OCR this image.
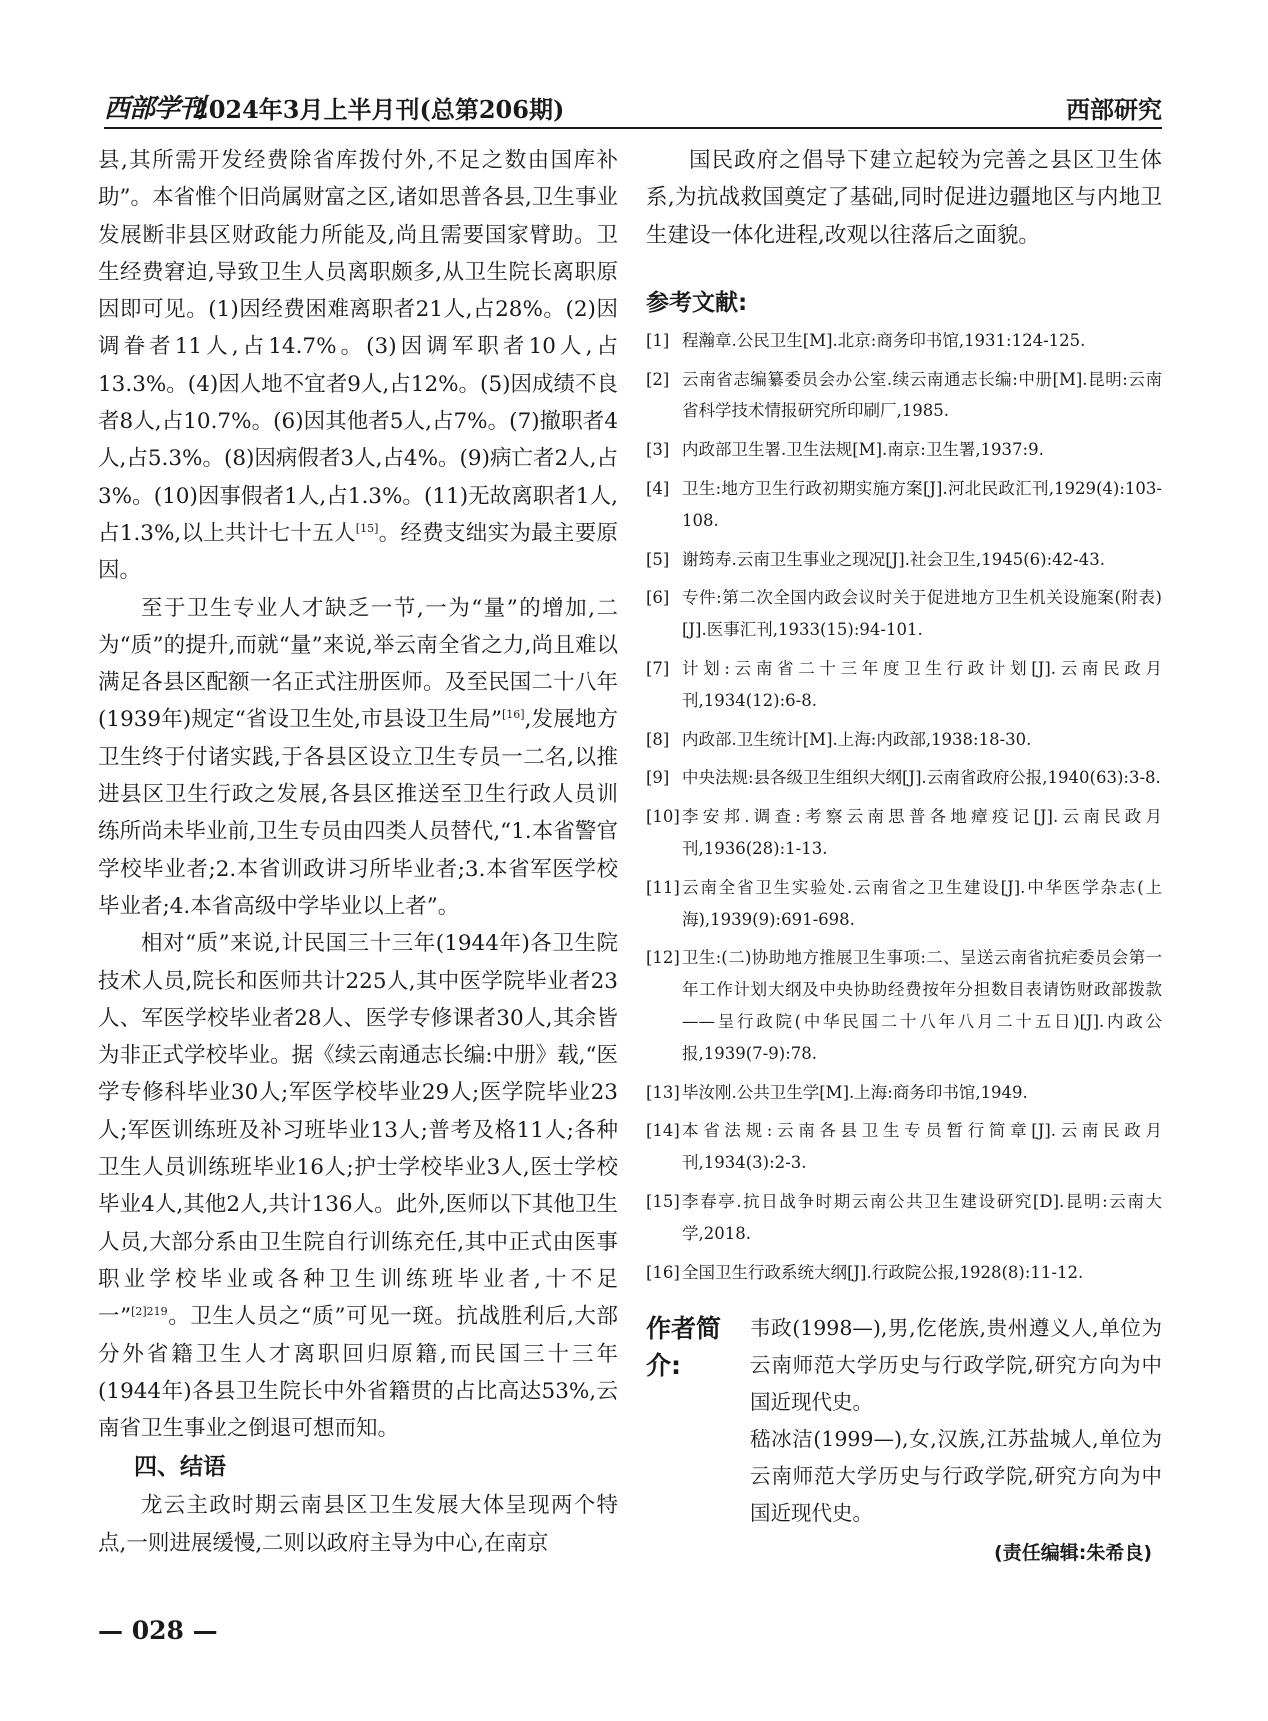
西部学刊
2024年3月上半月刊(总第206期)	西部研究

县,其所需开发经费除省库拨付外,不足之数由国库补助”。本省惟个旧尚属财富之区,诸如思普各县,卫生事业发展断非县区财政能力所能及,尚且需要国家臂助。卫生经费窘迫,导致卫生人员离职颇多,从卫生院长离职原因即可见。(1)因经费困难离职者21人,占28%。(2)因调眷者11人,占14.7%。(3)因调军职者10人,占13.3%。(4)因人地不宜者9人,占12%。(5)因成绩不良者8人,占10.7%。(6)因其他者5人,占7%。(7)撤职者4人,占5.3%。(8)因病假者3人,占4%。(9)病亡者2人,占3%。(10)因事假者1人,占1.3%。(11)无故离职者1人,占1.3%,以上共计七十五人[15]。经费支绌实为最主要原因。

至于卫生专业人才缺乏一节,一为“量”的增加,二为“质”的提升,而就“量”来说,举云南全省之力,尚且难以满足各县区配额一名正式注册医师。及至民国二十八年(1939年)规定“省设卫生处,市县设卫生局”[16],发展地方卫生终于付诸实践,于各县区设立卫生专员一二名,以推进县区卫生行政之发展,各县区推送至卫生行政人员训练所尚未毕业前,卫生专员由四类人员替代,“1.本省警官学校毕业者;2.本省训政讲习所毕业者;3.本省军医学校毕业者;4.本省高级中学毕业以上者”。

相对“质”来说,计民国三十三年(1944年)各卫生院技术人员,院长和医师共计225人,其中医学院毕业者23人、军医学校毕业者28人、医学专修课者30人,其余皆为非正式学校毕业。据《续云南通志长编:中册》载,“医学专修科毕业30人;军医学校毕业29人;医学院毕业23人;军医训练班及补习班毕业13人;普考及格11人;各种卫生人员训练班毕业16人;护士学校毕业3人,医士学校毕业4人,其他2人,共计136人。此外,医师以下其他卫生人员,大部分系由卫生院自行训练充任,其中正式由医事职业学校毕业或各种卫生训练班毕业者,十不足一”$^{[2]219}$。卫生人员之“质”可见一斑。抗战胜利后,大部分外省籍卫生人才离职回归原籍,而民国三十三年(1944年)各县卫生院长中外省籍贯的占比高达53%,云南省卫生事业之倒退可想而知。

四、结语

龙云主政时期云南县区卫生发展大体呈现两个特点,一则进展缓慢,二则以政府主导为中心,在南京

国民政府之倡导下建立起较为完善之县区卫生体系,为抗战救国奠定了基础,同时促进边疆地区与内地卫生建设一体化进程,改观以往落后之面貌。

参考文献:
[1] 程瀚章.公民卫生[M].北京:商务印书馆,1931:124-125.
[2] 云南省志编纂委员会办公室.续云南通志长编:中册[M].昆明:云南省科学技术情报研究所印刷厂,1985.
[3] 内政部卫生署.卫生法规[M].南京:卫生署,1937:9.
[4] 卫生:地方卫生行政初期实施方案[J].河北民政汇刊,1929(4):103-108.
[5] 谢筠寿.云南卫生事业之现况[J].社会卫生,1945(6):42-43.
[6] 专件:第二次全国内政会议时关于促进地方卫生机关设施案(附表)[J].医事汇刊,1933(15):94-101.
[7] 计划:云南省二十三年度卫生行政计划[J].云南民政月刊,1934(12):6-8.
[8] 内政部.卫生统计[M].上海:内政部,1938:18-30.
[9] 中央法规:县各级卫生组织大纲[J].云南省政府公报,1940(63):3-8.
[10] 李安邦.调查:考察云南思普各地瘴疫记[J].云南民政月刊,1936(28):1-13.
[11] 云南全省卫生实验处.云南省之卫生建设[J].中华医学杂志(上海),1939(9):691-698.
[12] 卫生:(二)协助地方推展卫生事项:二、呈送云南省抗疟委员会第一年工作计划大纲及中央协助经费按年分担数目表请饬财政部拨款——呈行政院(中华民国二十八年八月二十五日)[J].内政公报,1939(7-9):78.
[13] 毕汝刚.公共卫生学[M].上海:商务印书馆,1949.
[14] 本省法规:云南各县卫生专员暂行简章[J].云南民政月刊,1934(3):2-3.
[15] 李春亭.抗日战争时期云南公共卫生建设研究[D].昆明:云南大学,2018.
[16] 全国卫生行政系统大纲[J].行政院公报,1928(8):11-12.
作者简介:

韦政(1998—),男,仡佬族,贵州遵义人,单位为云南师范大学历史与行政学院,研究方向为中国近现代史。

嵇冰洁(1999—),女,汉族,江苏盐城人,单位为云南师范大学历史与行政学院,研究方向为中国近现代史。

(责任编辑:朱希良)
— 028 —
